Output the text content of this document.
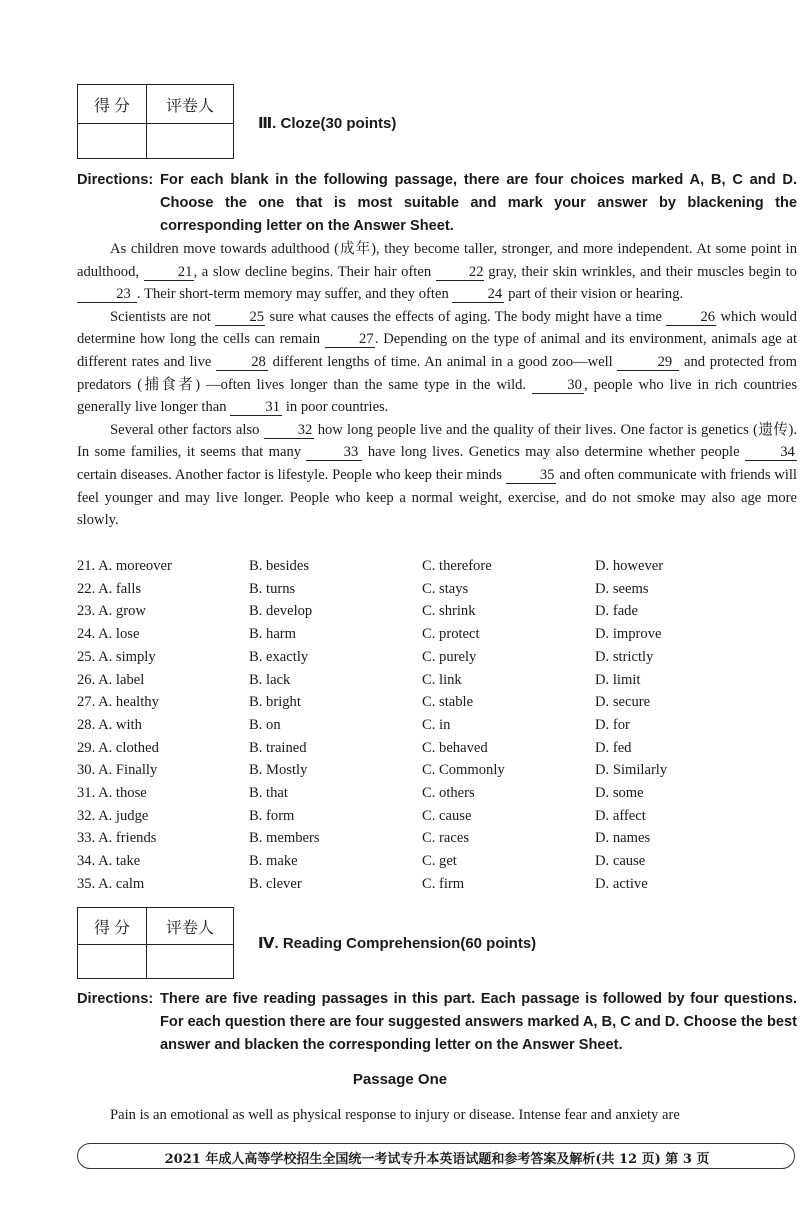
得 分	评卷人

Ⅲ. Cloze(30 points)
Directions: For each blank in the following passage, there are four choices marked A, B, C and D. Choose the one that is most suitable and mark your answer by blackening the corresponding letter on the Answer Sheet.

As children move towards adulthood (成年), they become taller, stronger, and more independent. At some point in adulthood,	21, a slow decline begins. Their hair often	22 gray, their skin wrinkles, and their muscles begin to 23 . Their short-term memory may suffer, and they often	24 part of their vision or hearing.

Scientists are not	25 sure what causes the effects of aging. The body might have a time	26 which would determine how long the cells can remain	27. Depending on the type of animal and its environment, animals age at different rates and live	28 different lengths of time. An animal in a good zoo—well	29 and protected from predators (捕食者) —often lives longer than the same type in the wild.	30 , people who live in rich countries generally live longer than	31 in poor countries.

Several other factors also	32 how long people live and the quality of their lives. One factor is genetics (遗传). In some families, it seems that many	33 have long lives. Genetics may also determine whether people	34 certain diseases. Another factor is lifestyle. People who keep their minds	35 and often communicate with friends will feel younger and may live longer. People who keep a normal weight, exercise, and do not smoke may also age more slowly.

21. A. moreover	B. besides	C. therefore	D. however
22. A. falls	B. turns	C. stays	D. seems
23. A. grow	B. develop	C. shrink	D. fade
24. A. lose	B. harm	C. protect	D. improve
25. A. simply	B. exactly	C. purely	D. strictly
26. A. label	B. lack	C. link	D. limit
27. A. healthy	B. bright	C. stable	D. secure
28. A. with	B. on	C. in	D. for
29. A. clothed	B. trained	C. behaved	D. fed
30. A. Finally	B. Mostly	C. Commonly	D. Similarly
31. A. those	B. that	C. others	D. some
32. A. judge	B. form	C. cause	D. affect
33. A. friends	B. members	C. races	D. names
34. A. take	B. make	C. get	D. cause
35. A. calm	B. clever	C. firm	D. active
得 分	评卷人

Ⅳ. Reading Comprehension(60 points)
Directions: There are five reading passages in this part. Each passage is followed by four questions. For each question there are four suggested answers marked A, B, C and D. Choose the best answer and blacken the corresponding letter on the Answer Sheet.
Passage One
Pain is an emotional as well as physical response to injury or disease. Intense fear and anxiety are
2021 年成人高等学校招生全国统一考试专升本英语试题和参考答案及解析(共 12 页) 第 3 页
